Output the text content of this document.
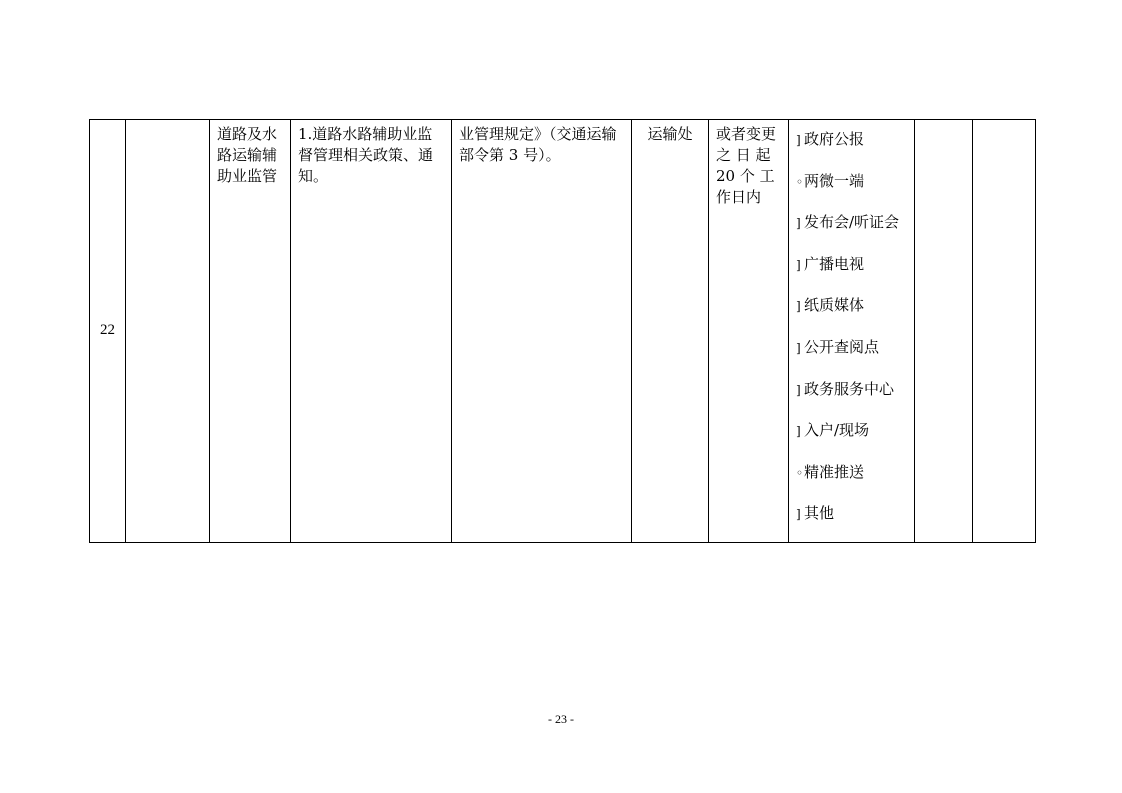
22		道路及水路运输辅助业监管	1.道路水路辅助业监督管理相关政策、通知。	业管理规定》（交通运输部令第 3 号）。	运输处	或者变更之 日 起 20 个 工作日内	
] 政府公报
◦两微一端
] 发布会/听证会
] 广播电视
] 纸质媒体
] 公开查阅点
] 政务服务中心
] 入户/现场
◦精准推送
] 其他

- 23 -
